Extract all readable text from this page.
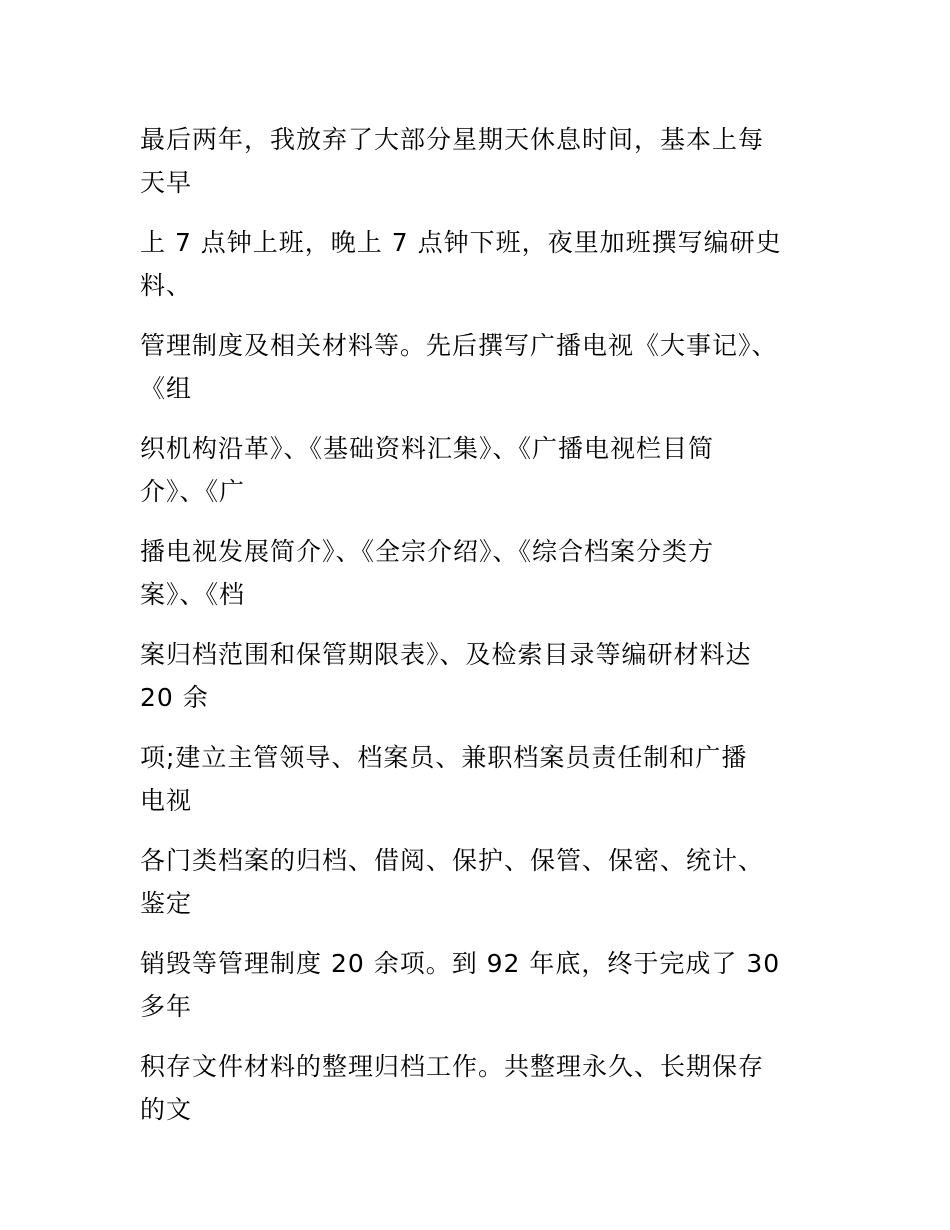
最后两年，我放弃了大部分星期天休息时间，基本上每
天早
上 7 点钟上班，晚上 7 点钟下班，夜里加班撰写编研史
料、
管理制度及相关材料等。先后撰写广播电视《大事记》、
《组
织机构沿革》、《基础资料汇集》、《广播电视栏目简
介》、《广
播电视发展简介》、《全宗介绍》、《综合档案分类方
案》、《档
案归档范围和保管期限表》、及检索目录等编研材料达
20 余
项;建立主管领导、档案员、兼职档案员责任制和广播
电视
各门类档案的归档、借阅、保护、保管、保密、统计、
鉴定
销毁等管理制度 20 余项。到 92 年底，终于完成了 30
多年
积存文件材料的整理归档工作。共整理永久、长期保存
的文
